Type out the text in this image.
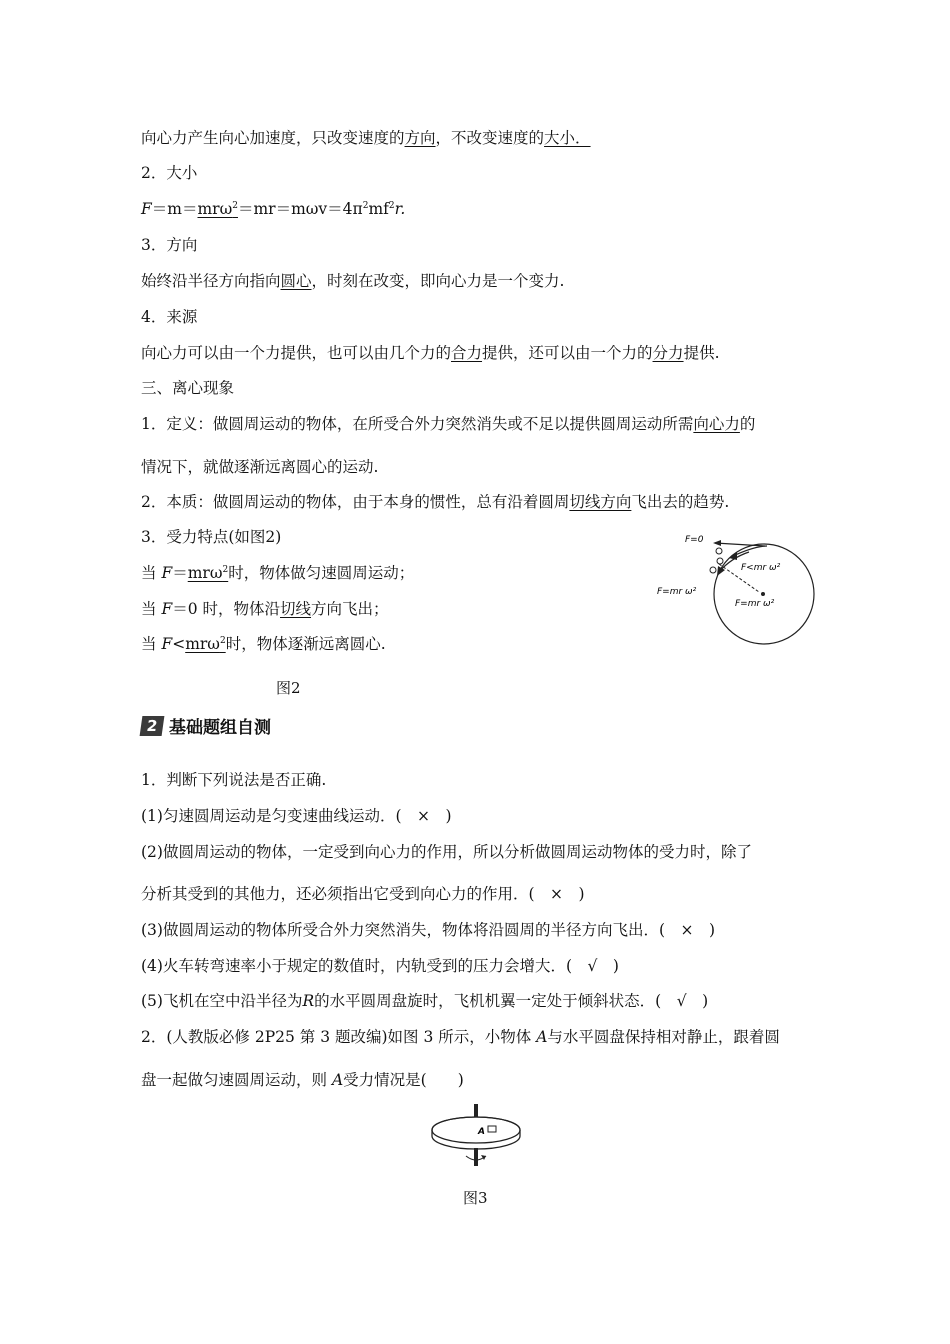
向心力产生向心加速度，只改变速度的方向，不改变速度的大小．
2．大小
$F=m=mr\omega^2=mr=m\omega v=4\pi^2mf^2r$.
3．方向
始终沿半径方向指向圆心，时刻在改变，即向心力是一个变力.
4．来源
向心力可以由一个力提供，也可以由几个力的合力提供，还可以由一个力的分力提供.
三、离心现象
1．定义：做圆周运动的物体，在所受合外力突然消失或不足以提供圆周运动所需向心力的
情况下，就做逐渐远离圆心的运动.
2．本质：做圆周运动的物体，由于本身的惯性，总有沿着圆周切线方向飞出去的趋势.
3．受力特点(如图2)
当 F＝mrω$^2$时，物体做匀速圆周运动；
当 F＝0 时，物体沿切线方向飞出；
当 F<mrω$^2$时，物体逐渐远离圆心.
F=0
F<mr ω²
F=mr ω²
F=mr ω²
图2
2 基础题组自测
1．判断下列说法是否正确.
(1)匀速圆周运动是匀变速曲线运动．(　×　)
(2)做圆周运动的物体，一定受到向心力的作用，所以分析做圆周运动物体的受力时，除了
分析其受到的其他力，还必须指出它受到向心力的作用．(　×　)
(3)做圆周运动的物体所受合外力突然消失，物体将沿圆周的半径方向飞出．(　×　)
(4)火车转弯速率小于规定的数值时，内轨受到的压力会增大．(　√　)
(5)飞机在空中沿半径为R的水平圆周盘旋时，飞机机翼一定处于倾斜状态．(　√　)
2．(人教版必修 2P25 第 3 题改编)如图 3 所示，小物体 A与水平圆盘保持相对静止，跟着圆
盘一起做匀速圆周运动，则 A受力情况是(　　)
A
图3
